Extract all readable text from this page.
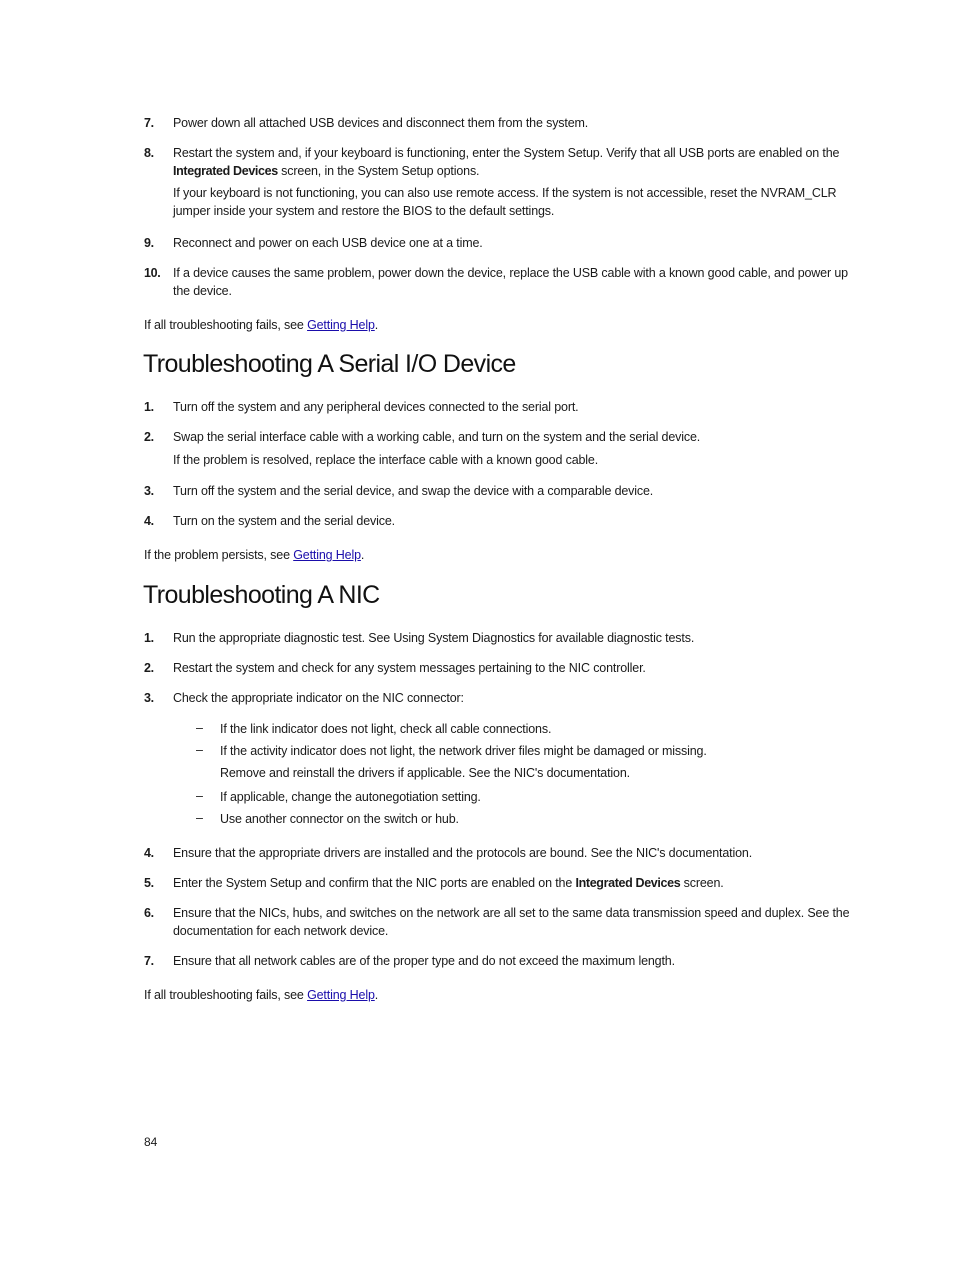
7. Power down all attached USB devices and disconnect them from the system.
8. Restart the system and, if your keyboard is functioning, enter the System Setup. Verify that all USB ports are enabled on the Integrated Devices screen, in the System Setup options.
If your keyboard is not functioning, you can also use remote access. If the system is not accessible, reset the NVRAM_CLR jumper inside your system and restore the BIOS to the default settings.
9. Reconnect and power on each USB device one at a time.
10. If a device causes the same problem, power down the device, replace the USB cable with a known good cable, and power up the device.
If all troubleshooting fails, see Getting Help.
Troubleshooting A Serial I/O Device
1. Turn off the system and any peripheral devices connected to the serial port.
2. Swap the serial interface cable with a working cable, and turn on the system and the serial device.
If the problem is resolved, replace the interface cable with a known good cable.
3. Turn off the system and the serial device, and swap the device with a comparable device.
4. Turn on the system and the serial device.
If the problem persists, see Getting Help.
Troubleshooting A NIC
1. Run the appropriate diagnostic test. See Using System Diagnostics for available diagnostic tests.
2. Restart the system and check for any system messages pertaining to the NIC controller.
3. Check the appropriate indicator on the NIC connector:
– If the link indicator does not light, check all cable connections.
– If the activity indicator does not light, the network driver files might be damaged or missing.
Remove and reinstall the drivers if applicable. See the NIC's documentation.
– If applicable, change the autonegotiation setting.
– Use another connector on the switch or hub.
4. Ensure that the appropriate drivers are installed and the protocols are bound. See the NIC's documentation.
5. Enter the System Setup and confirm that the NIC ports are enabled on the Integrated Devices screen.
6. Ensure that the NICs, hubs, and switches on the network are all set to the same data transmission speed and duplex. See the documentation for each network device.
7. Ensure that all network cables are of the proper type and do not exceed the maximum length.
If all troubleshooting fails, see Getting Help.
84
